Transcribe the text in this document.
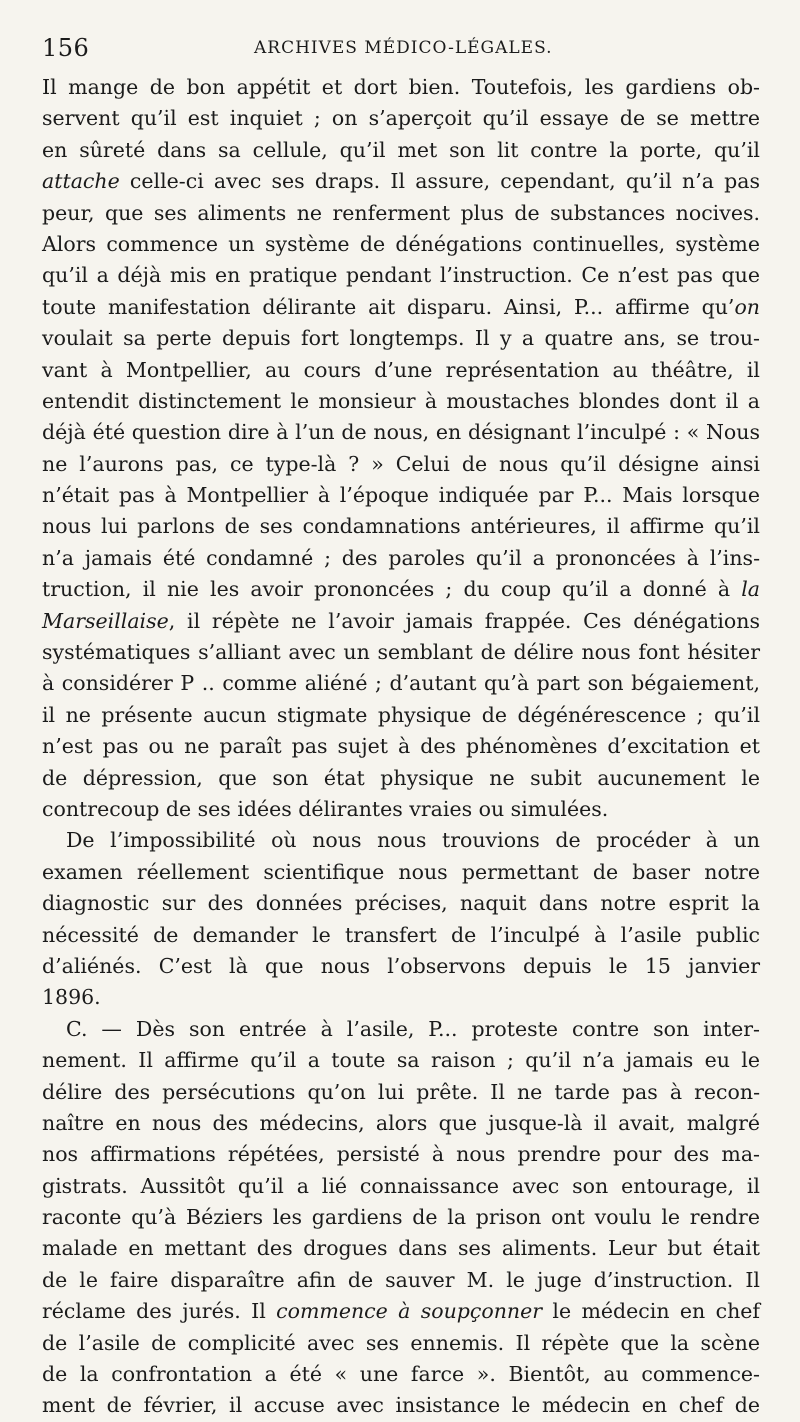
156	ARCHIVES MÉDICO-LÉGALES.
Il mange de bon appétit et dort bien. Toutefois, les gardiens ob-
servent qu’il est inquiet ; on s’aperçoit qu’il essaye de se mettre
en sûreté dans sa cellule, qu’il met son lit contre la porte, qu’il
attache celle-ci avec ses draps. Il assure, cependant, qu’il n’a pas
peur, que ses aliments ne renferment plus de substances nocives.
Alors commence un système de dénégations continuelles, système
qu’il a déjà mis en pratique pendant l’instruction. Ce n’est pas que
toute manifestation délirante ait disparu. Ainsi, P... affirme qu’on
voulait sa perte depuis fort longtemps. Il y a quatre ans, se trou-
vant à Montpellier, au cours d’une représentation au théâtre, il
entendit distinctement le monsieur à moustaches blondes dont il a
déjà été question dire à l’un de nous, en désignant l’inculpé : « Nous
ne l’aurons pas, ce type-là ? » Celui de nous qu’il désigne ainsi
n’était pas à Montpellier à l’époque indiquée par P... Mais lorsque
nous lui parlons de ses condamnations antérieures, il affirme qu’il
n’a jamais été condamné ; des paroles qu’il a prononcées à l’ins-
truction, il nie les avoir prononcées ; du coup qu’il a donné à la
Marseillaise, il répète ne l’avoir jamais frappée. Ces dénégations
systématiques s’alliant avec un semblant de délire nous font hésiter
à considérer P .. comme aliéné ; d’autant qu’à part son bégaiement,
il ne présente aucun stigmate physique de dégénérescence ; qu’il
n’est pas ou ne paraît pas sujet à des phénomènes d’excitation et
de dépression, que son état physique ne subit aucunement le
contrecoup de ses idées délirantes vraies ou simulées.
De l’impossibilité où nous nous trouvions de procéder à un
examen réellement scientifique nous permettant de baser notre
diagnostic sur des données précises, naquit dans notre esprit la
nécessité de demander le transfert de l’inculpé à l’asile public
d’aliénés. C’est là que nous l’observons depuis le 15 janvier
1896.
C. — Dès son entrée à l’asile, P... proteste contre son inter-
nement. Il affirme qu’il a toute sa raison ; qu’il n’a jamais eu le
délire des persécutions qu’on lui prête. Il ne tarde pas à recon-
naître en nous des médecins, alors que jusque-là il avait, malgré
nos affirmations répétées, persisté à nous prendre pour des ma-
gistrats. Aussitôt qu’il a lié connaissance avec son entourage, il
raconte qu’à Béziers les gardiens de la prison ont voulu le rendre
malade en mettant des drogues dans ses aliments. Leur but était
de le faire disparaître afin de sauver M. le juge d’instruction. Il
réclame des jurés. Il commence à soupçonner le médecin en chef
de l’asile de complicité avec ses ennemis. Il répète que la scène
de la confrontation a été « une farce ». Bientôt, au commence-
ment de février, il accuse avec insistance le médecin en chef de
